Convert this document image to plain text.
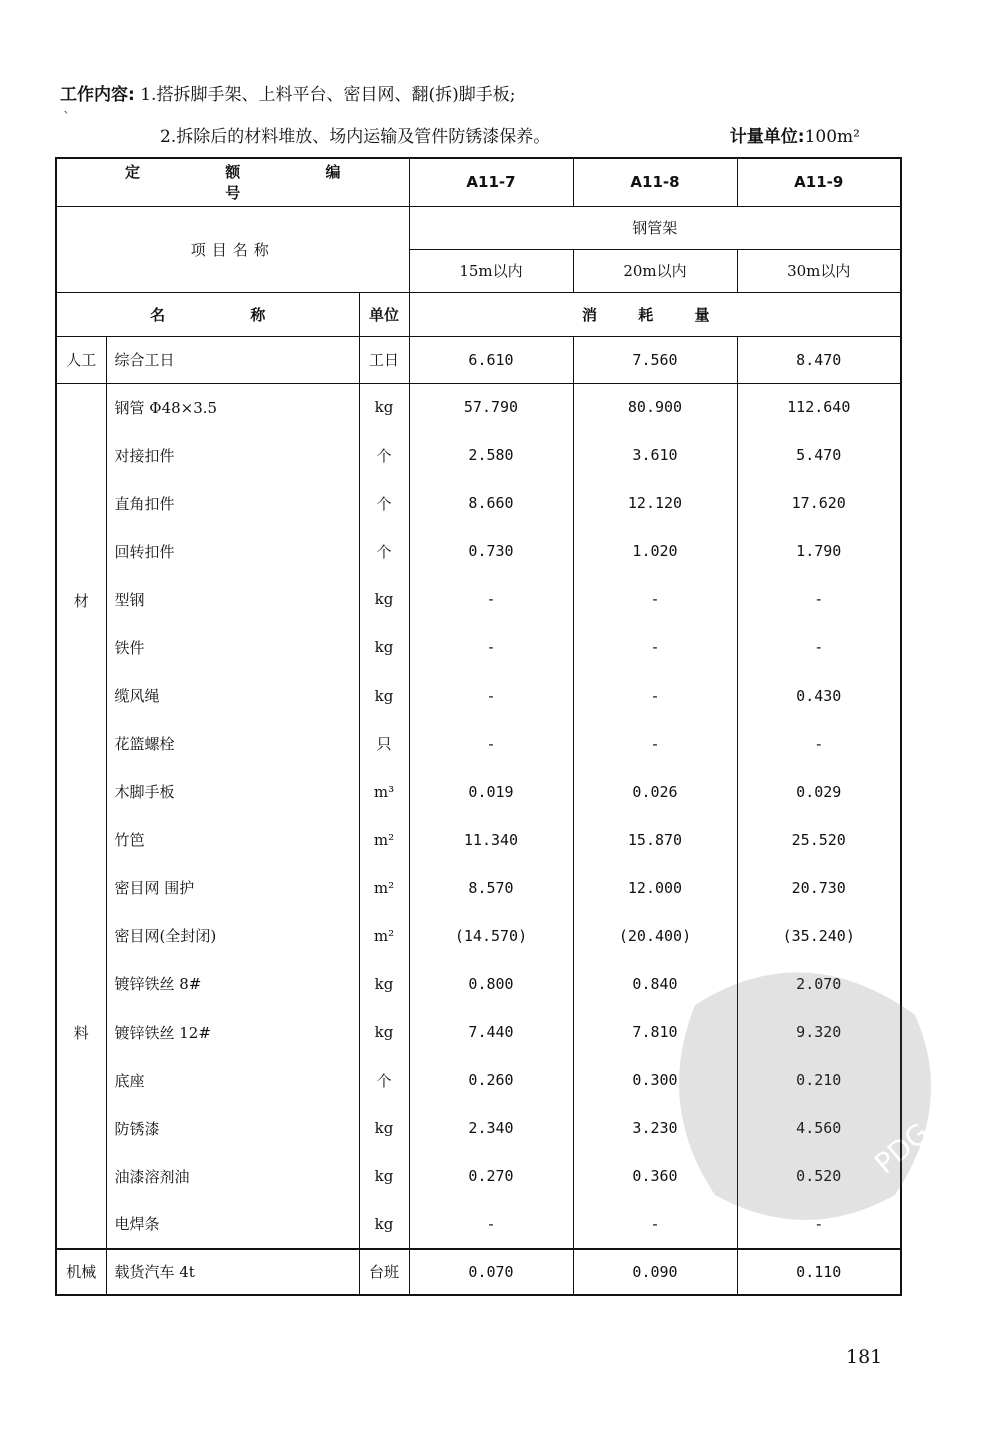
工作内容: 1.搭拆脚手架、上料平台、密目网、翻(拆)脚手板;
`
2.拆除后的材料堆放、场内运输及管件防锈漆保养。	计量单位:100m²
定 额 编 号			A11-7	A11-8	A11-9
项目名称			钢管架		
			15m以内	20m以内	30m以内
名 称		单位	消 耗 量		
人工	综合工日	工日	6.610	7.560	8.470

材
料	钢管 Φ48×3.5	kg	57.790	80.900	112.640
	对接扣件	个	2.580	3.610	5.470
	直角扣件	个	8.660	12.120	17.620
	回转扣件	个	0.730	1.020	1.790
	型钢	kg	-	-	-
	铁件	kg	-	-	-
	缆风绳	kg	-	-	0.430
	花篮螺栓	只	-	-	-
	木脚手板	m³	0.019	0.026	0.029
	竹笆	m²	11.340	15.870	25.520
	密目网 围护	m²	8.570	12.000	20.730
	密目网(全封闭)	m²	(14.570)	(20.400)	(35.240)
	镀锌铁丝 8#	kg	0.800	0.840	2.070
	镀锌铁丝 12#	kg	7.440	7.810	9.320
	底座	个	0.260	0.300	0.210
	防锈漆	kg	2.340	3.230	4.560
	油漆溶剂油	kg	0.270	0.360	0.520
	电焊条	kg	-	-	-
机械	载货汽车 4t	台班	0.070	0.090	0.110
181
PDG
